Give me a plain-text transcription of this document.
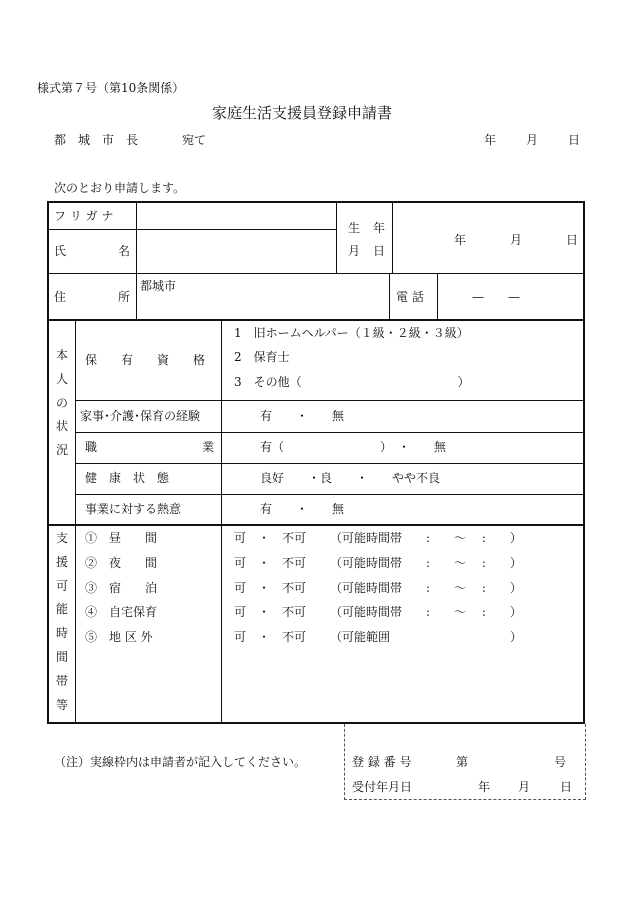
様式第７号（第10条関係）
家庭生活支援員登録申請書
都　城　市　長	宛て	年 月 日
次のとおり申請します。
フ リ ガ ナ
氏	名
生 年
月 日
年	月	日
住	所
都城市
電 話	—　　—
本
人
の
状
況
保　　有　　資　　格
1　旧ホームヘルパー（１級・２級・３級）
2　保育士
3　その他（　　　　　　　　　　　　　）
家事･介護･保育の経験	有　　・　　無
職	業	有（　　　　　　　　）　・　　無
健　康　状　態	良好　　・良　　・　　やや不良
事業に対する熱意	有　　・　　無
支
援
可
能
時
間
帯
等
①　昼　　間	可　・　不可 （可能時間帯　　:　　～　 :　　）
②　夜　　間	可　・　不可 （可能時間帯　　:　　～　 :　　）
③　宿　　泊	可　・　不可 （可能時間帯　　:　　～　 :　　）
④　自宅保育	可　・　不可 （可能時間帯　　:　　～　 :　　）
⑤　地 区 外	可　・　不可 （可能範囲　　　　　　　　　　）
（注）実線枠内は申請者が記入してください。	登 録 番 号	第	号
受付年月日	年 月 日
